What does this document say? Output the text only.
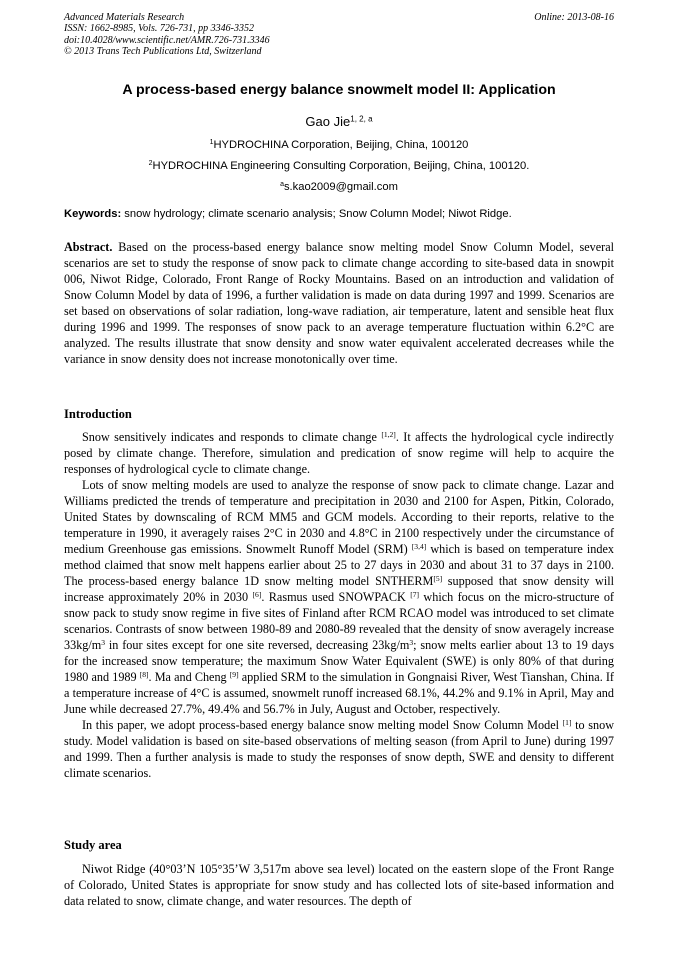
Advanced Materials Research
ISSN: 1662-8985, Vols. 726-731, pp 3346-3352
doi:10.4028/www.scientific.net/AMR.726-731.3346
© 2013 Trans Tech Publications Ltd, Switzerland
Online: 2013-08-16
A process-based energy balance snowmelt model II: Application
Gao Jie$^{1, 2, a}$
$^1$HYDROCHINA Corporation, Beijing, China, 100120
$^2$HYDROCHINA Engineering Consulting Corporation, Beijing, China, 100120.
$^a$s.kao2009@gmail.com
Keywords: snow hydrology; climate scenario analysis; Snow Column Model; Niwot Ridge.

Abstract. Based on the process-based energy balance snow melting model Snow Column Model, several scenarios are set to study the response of snow pack to climate change according to site-based data in snowpit 006, Niwot Ridge, Colorado, Front Range of Rocky Mountains. Based on an introduction and validation of Snow Column Model by data of 1996, a further validation is made on data during 1997 and 1999. Scenarios are set based on observations of solar radiation, long-wave radiation, air temperature, latent and sensible heat flux during 1996 and 1999. The responses of snow pack to an average temperature fluctuation within 6.2°C are analyzed. The results illustrate that snow density and snow water equivalent accelerated decreases while the variance in snow density does not increase monotonically over time.

Introduction

Snow sensitively indicates and responds to climate change [1,2]. It affects the hydrological cycle indirectly posed by climate change. Therefore, simulation and predication of snow regime will help to acquire the responses of hydrological cycle to climate change.

Lots of snow melting models are used to analyze the response of snow pack to climate change. Lazar and Williams predicted the trends of temperature and precipitation in 2030 and 2100 for Aspen, Pitkin, Colorado, United States by downscaling of RCM MM5 and GCM models. According to their reports, relative to the temperature in 1990, it averagely raises 2°C in 2030 and 4.8°C in 2100 respectively under the circumstance of medium Greenhouse gas emissions. Snowmelt Runoff Model (SRM) [3,4] which is based on temperature index method claimed that snow melt happens earlier about 25 to 27 days in 2030 and about 31 to 37 days in 2100. The process-based energy balance 1D snow melting model SNTHERM[5] supposed that snow density will increase approximately 20% in 2030 [6]. Rasmus used SNOWPACK [7] which focus on the micro-structure of snow pack to study snow regime in five sites of Finland after RCM RCAO model was introduced to set climate scenarios. Contrasts of snow between 1980-89 and 2080-89 revealed that the density of snow averagely increase $33kg/m^3$ in four sites except for one site reversed, decreasing $23kg/m^3$; snow melts earlier about 13 to 19 days for the increased snow temperature; the maximum Snow Water Equivalent (SWE) is only 80% of that during 1980 and 1989 [8]. Ma and Cheng [9] applied SRM to the simulation in Gongnaisi River, West Tianshan, China. If a temperature increase of 4°C is assumed, snowmelt runoff increased 68.1%, 44.2% and 9.1% in April, May and June while decreased 27.7%, 49.4% and 56.7% in July, August and October, respectively.

In this paper, we adopt process-based energy balance snow melting model Snow Column Model [1] to snow study. Model validation is based on site-based observations of melting season (from April to June) during 1997 and 1999. Then a further analysis is made to study the responses of snow depth, SWE and density to different climate scenarios.

Study area

Niwot Ridge (40°03’N 105°35’W 3,517m above sea level) located on the eastern slope of the Front Range of Colorado, United States is appropriate for snow study and has collected lots of site-based information and data related to snow, climate change, and water resources. The depth of
